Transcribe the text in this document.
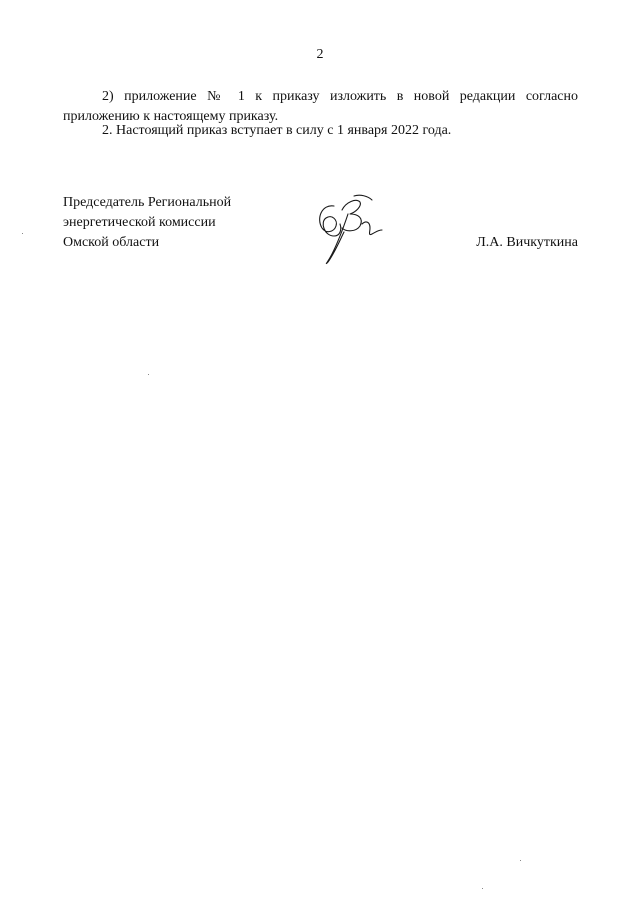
2

2) приложение № 1 к приказу изложить в новой редакции согласно приложению к настоящему приказу.

2. Настоящий приказ вступает в силу с 1 января 2022 года.

Председатель Региональной
энергетической комиссии
Омской области	Л.А. Вичкуткина
